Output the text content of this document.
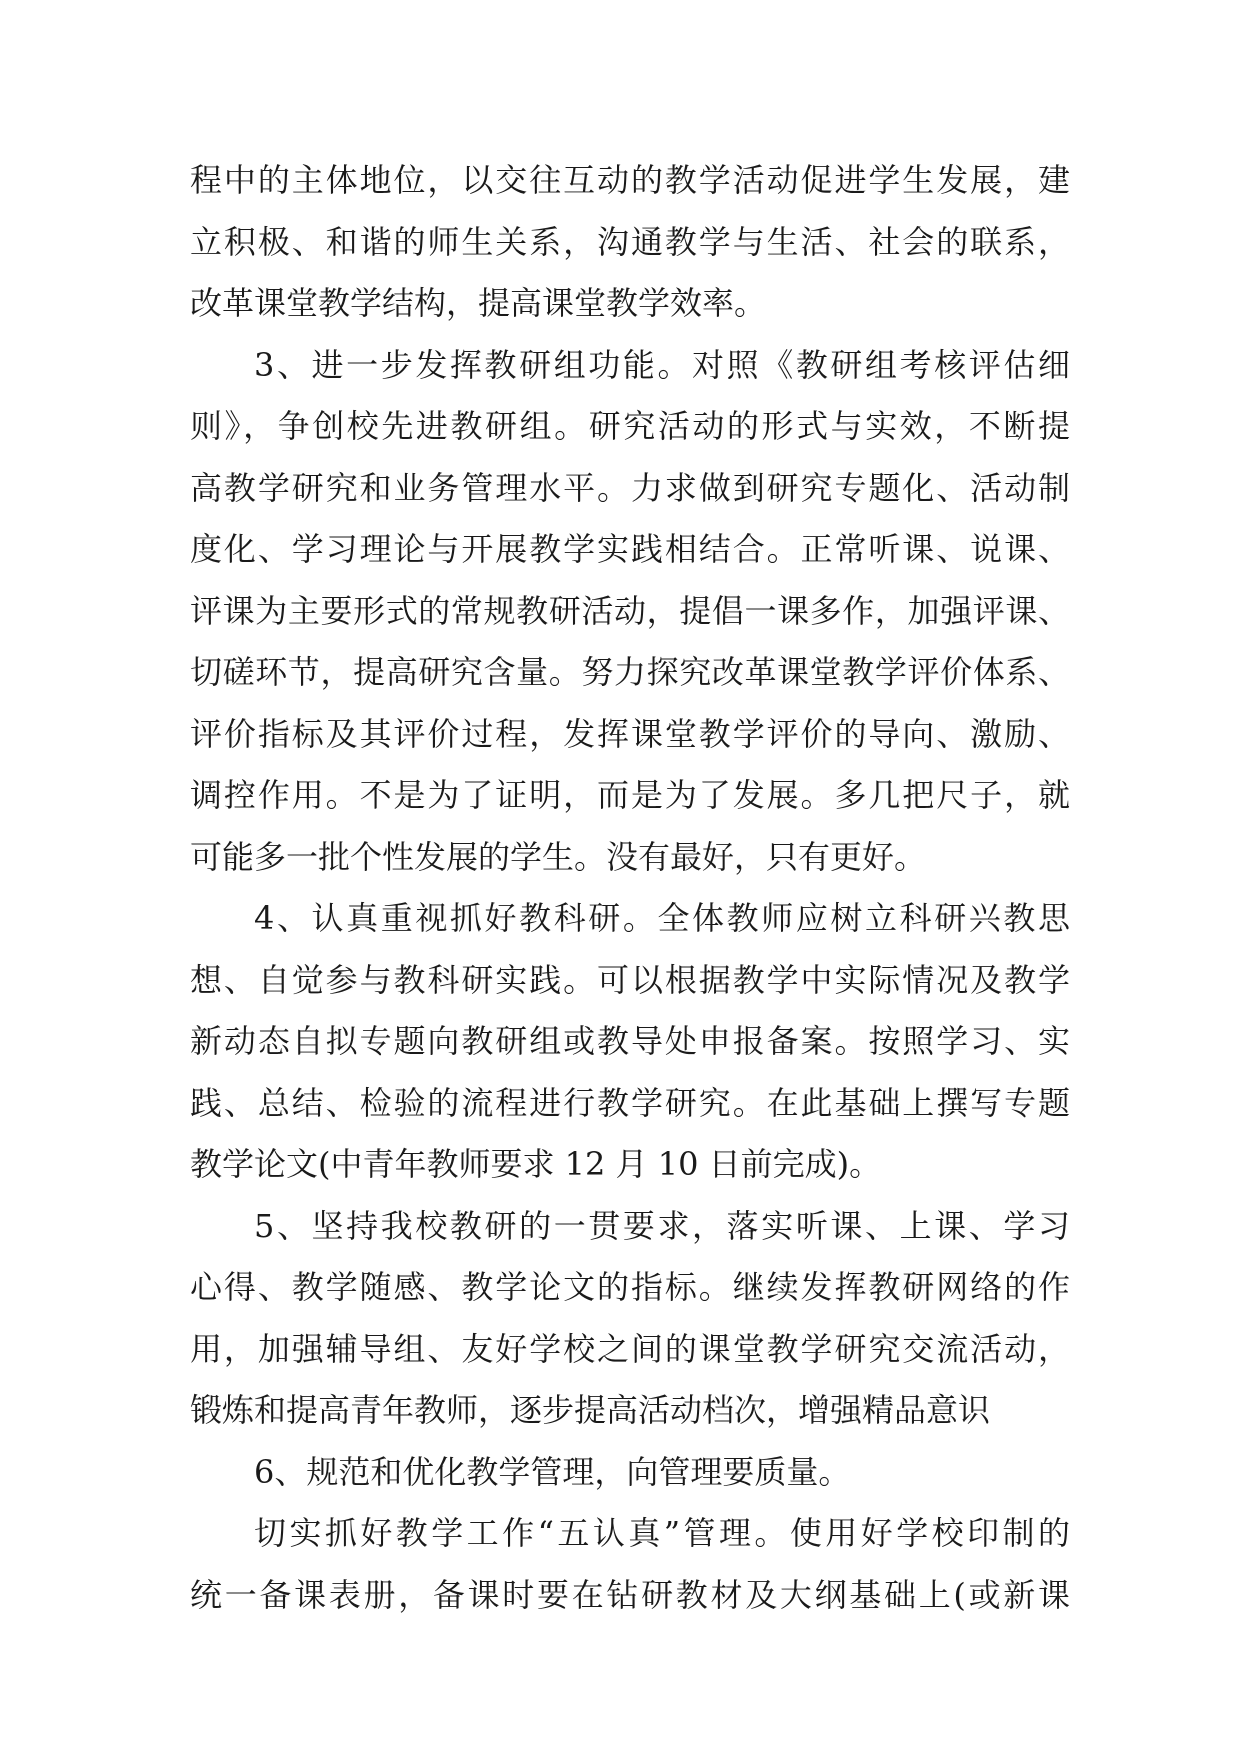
程中的主体地位，以交往互动的教学活动促进学生发展，建
立积极、和谐的师生关系，沟通教学与生活、社会的联系，
改革课堂教学结构，提高课堂教学效率。
3、进一步发挥教研组功能。对照《教研组考核评估细
则》，争创校先进教研组。研究活动的形式与实效，不断提
高教学研究和业务管理水平。力求做到研究专题化、活动制
度化、学习理论与开展教学实践相结合。正常听课、说课、
评课为主要形式的常规教研活动，提倡一课多作，加强评课、
切磋环节，提高研究含量。努力探究改革课堂教学评价体系、
评价指标及其评价过程，发挥课堂教学评价的导向、激励、
调控作用。不是为了证明，而是为了发展。多几把尺子，就
可能多一批个性发展的学生。没有最好，只有更好。
4、认真重视抓好教科研。全体教师应树立科研兴教思
想、自觉参与教科研实践。可以根据教学中实际情况及教学
新动态自拟专题向教研组或教导处申报备案。按照学习、实
践、总结、检验的流程进行教学研究。在此基础上撰写专题
教学论文(中青年教师要求 12 月 10 日前完成)。
5、坚持我校教研的一贯要求，落实听课、上课、学习
心得、教学随感、教学论文的指标。继续发挥教研网络的作
用，加强辅导组、友好学校之间的课堂教学研究交流活动，
锻炼和提高青年教师，逐步提高活动档次，增强精品意识
6、规范和优化教学管理，向管理要质量。
切实抓好教学工作“五认真”管理。使用好学校印制的
统一备课表册，备课时要在钻研教材及大纲基础上(或新课
